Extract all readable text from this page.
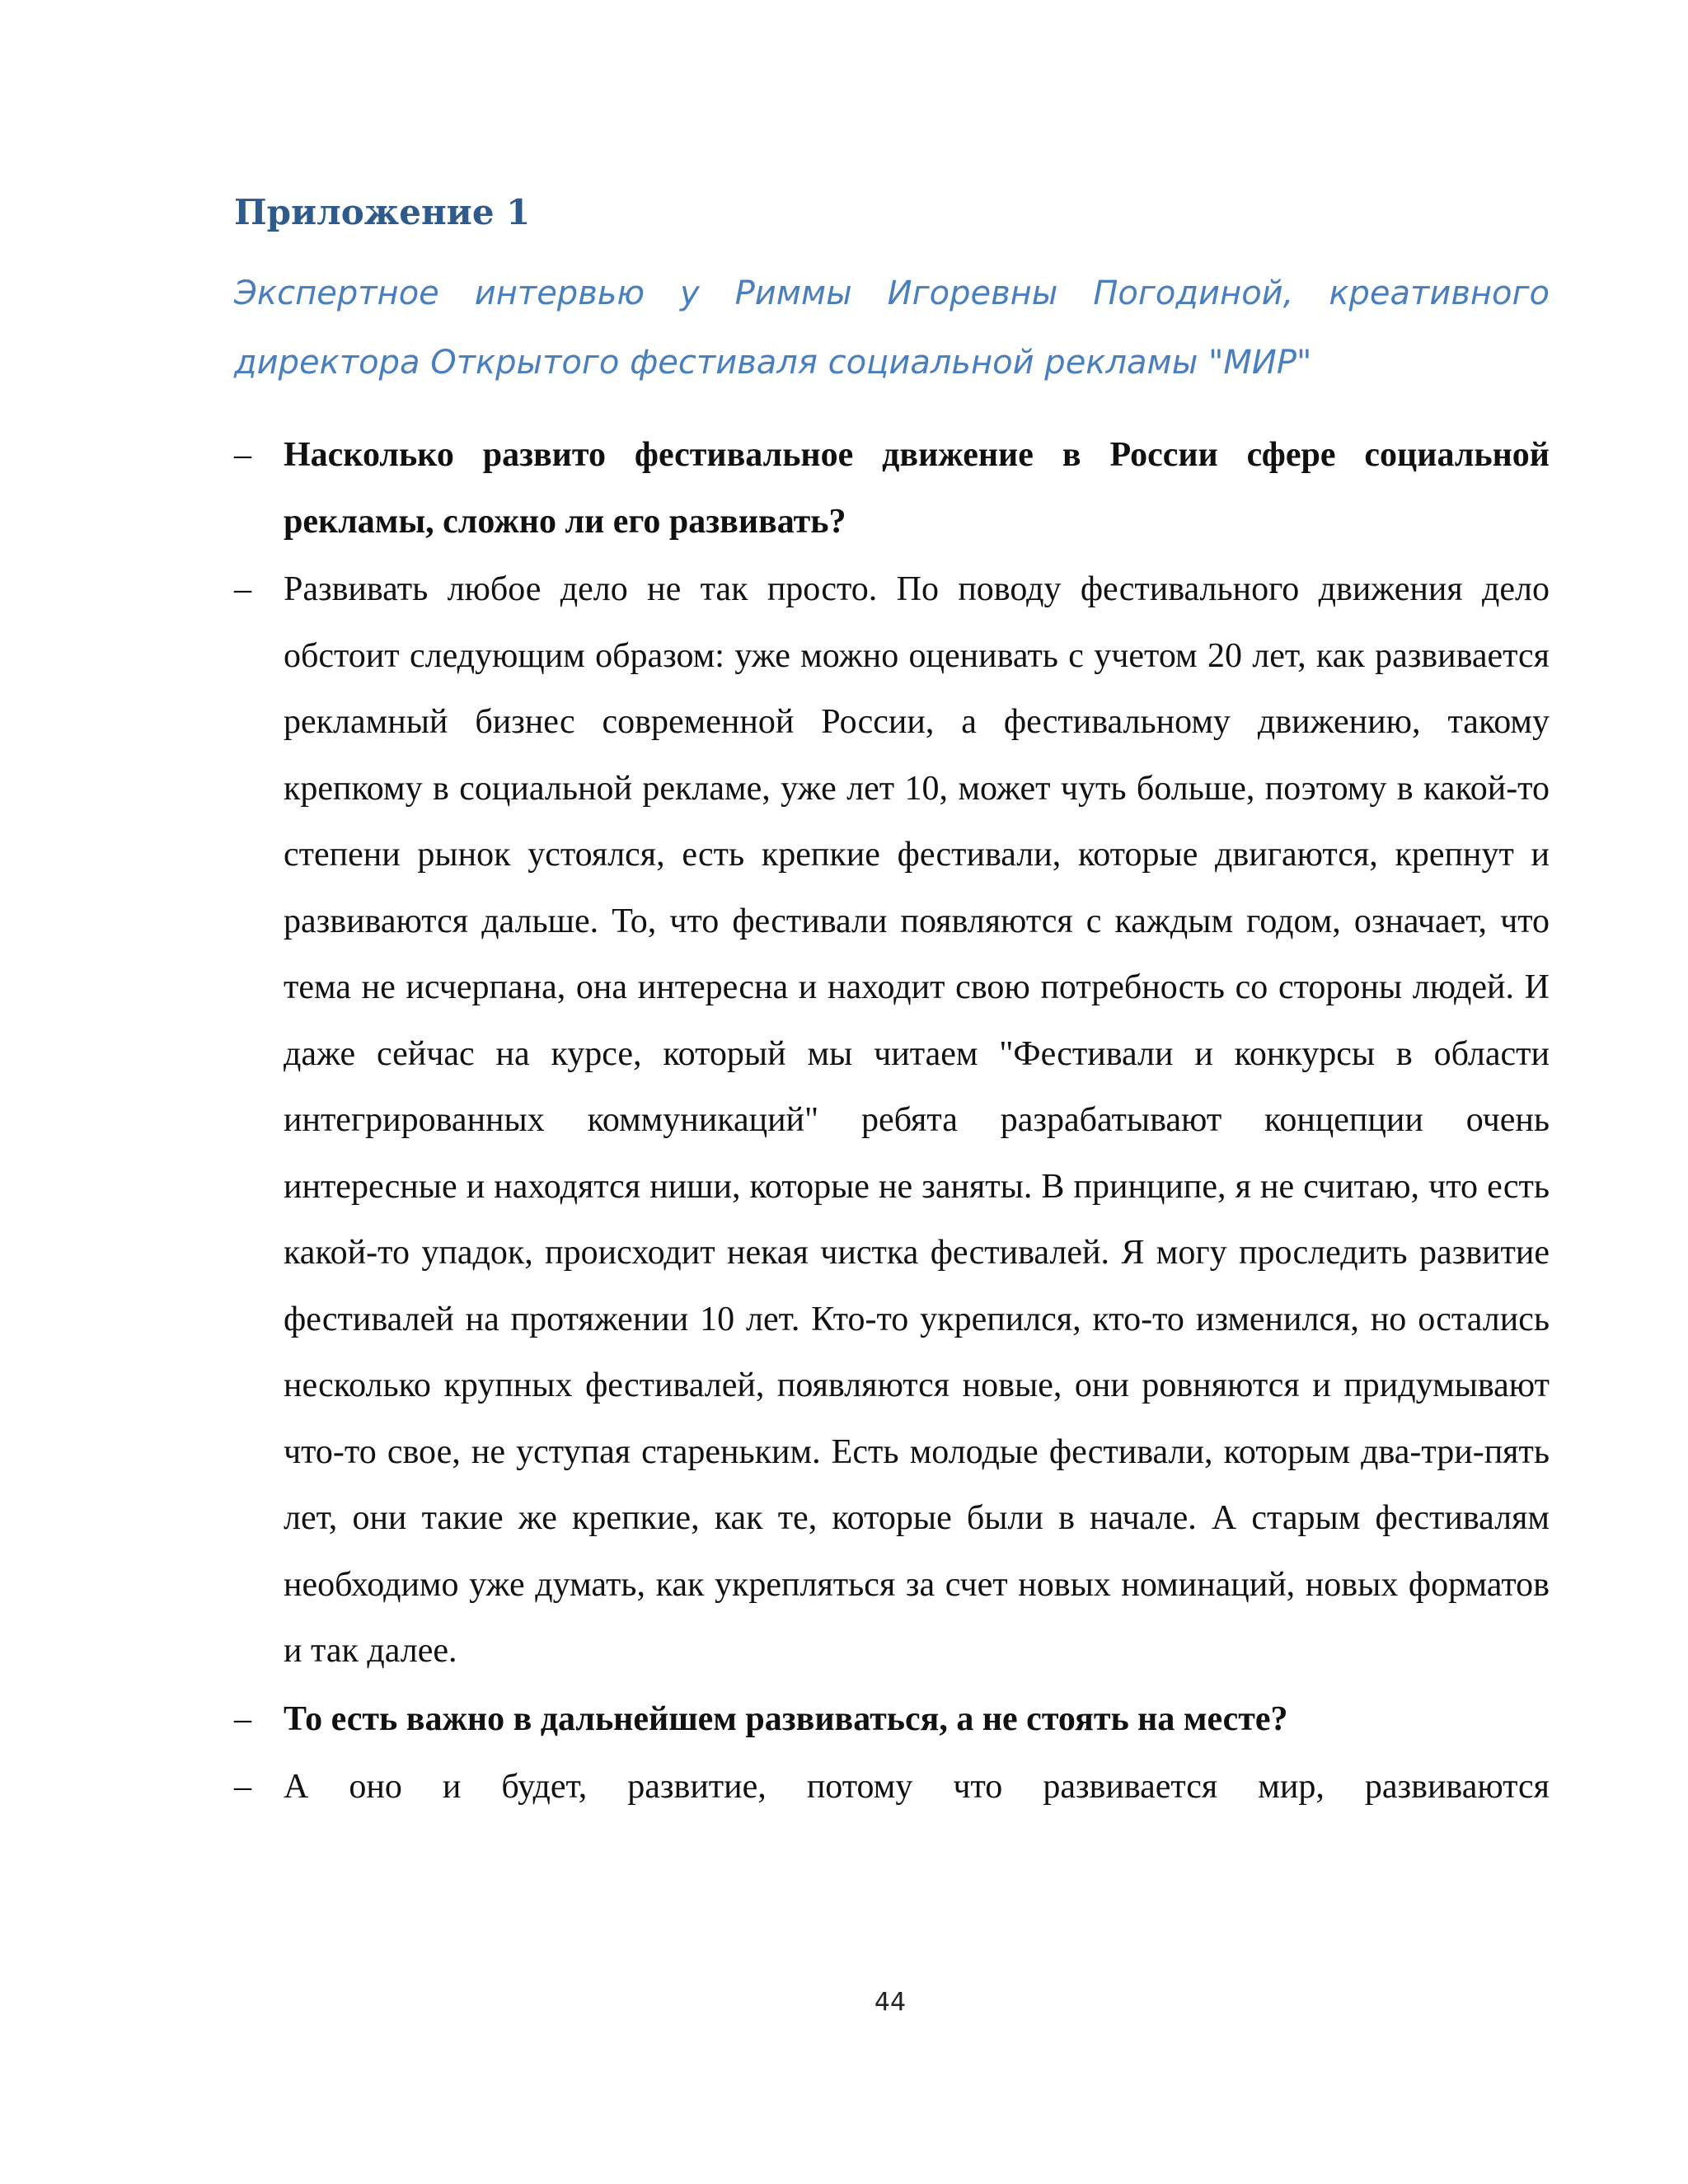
Приложение 1

Экспертное интервью у Риммы Игоревны Погодиной, креативного директора Открытого фестиваля социальной рекламы "МИР"

– Насколько развито фестивальное движение в России сфере социальной рекламы, сложно ли его развивать?
– Развивать любое дело не так просто. По поводу фестивального движения дело обстоит следующим образом: уже можно оценивать с учетом 20 лет, как развивается рекламный бизнес современной России, а фестивальному движению, такому крепкому в социальной рекламе, уже лет 10, может чуть больше, поэтому в какой-то степени рынок устоялся, есть крепкие фестивали, которые двигаются, крепнут и развиваются дальше. То, что фестивали появляются с каждым годом, означает, что тема не исчерпана, она интересна и находит свою потребность со стороны людей. И даже сейчас на курсе, который мы читаем "Фестивали и конкурсы в области интегрированных коммуникаций" ребята разрабатывают концепции очень интересные и находятся ниши, которые не заняты. В принципе, я не считаю, что есть какой-то упадок, происходит некая чистка фестивалей. Я могу проследить развитие фестивалей на протяжении 10 лет. Кто-то укрепился, кто-то изменился, но остались несколько крупных фестивалей, появляются новые, они ровняются и придумывают что-то свое, не уступая стареньким. Есть молодые фестивали, которым два-три-пять лет, они такие же крепкие, как те, которые были в начале. А старым фестивалям необходимо уже думать, как укрепляться за счет новых номинаций, новых форматов и так далее.
– То есть важно в дальнейшем развиваться, а не стоять на месте?
– А оно и будет, развитие, потому что развивается мир, развиваются
44
